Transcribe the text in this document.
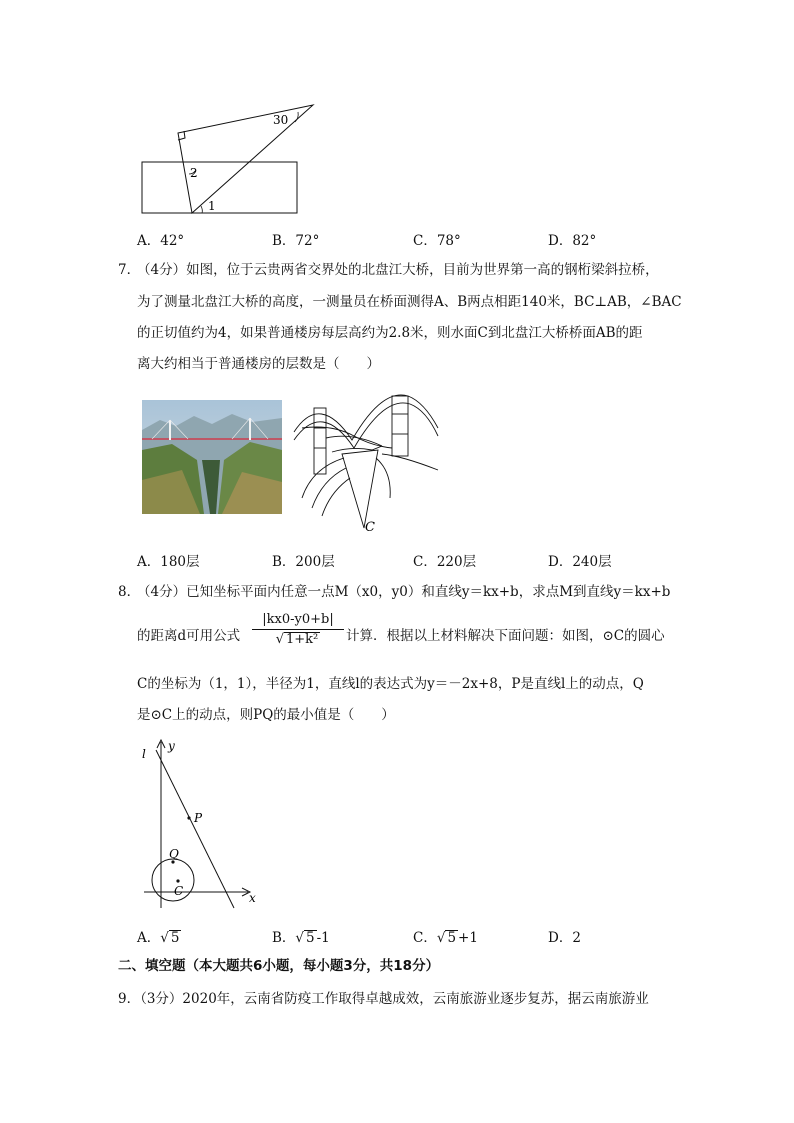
30
2
1
A．42°	B．72°	C．78°	D．82°
7．
（4分）如图，位于云贵两省交界处的北盘江大桥，目前为世界第一高的钢桁梁斜拉桥，
为了测量北盘江大桥的高度，一测量员在桥面测得A、B两点相距140米，BC⊥AB，∠BAC
的正切值约为4，如果普通楼房每层高约为2.8米，则水面C到北盘江大桥桥面AB的距
离大约相当于普通楼房的层数是（　　）
C
A．180层	B．200层	C．220层	D．240层
8．
（4分）已知坐标平面内任意一点M（x0，y0）和直线y＝kx+b，求点M到直线y＝kx+b
的距离d可用公式 $\frac{|kx0-y0+b|}{\text{√ 1+k²}}$ 计算．根据以上材料解决下面问题：如图，⊙C的圆心
C的坐标为（1，1），半径为1，直线l的表达式为y＝－2x+8，P是直线l上的动点，Q
是⊙C上的动点，则PQ的最小值是（　　）
l
y
x
P
Q
C
A．√ 5	B．√ 5 -1	C．√ 5 +1	D．2
二、填空题（本大题共6小题，每小题3分，共18分）
9．（3分）2020年，云南省防疫工作取得卓越成效，云南旅游业逐步复苏，据云南旅游业
